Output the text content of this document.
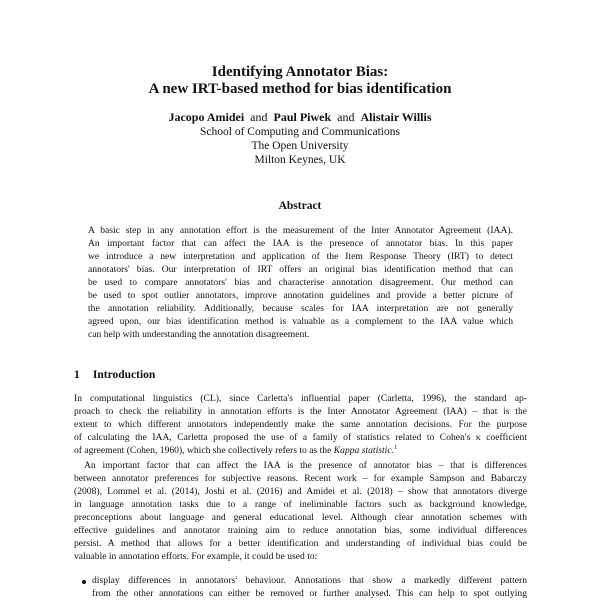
Identifying Annotator Bias:
A new IRT-based method for bias identification
Jacopo Amidei and Paul Piwek and Alistair Willis
School of Computing and Communications
The Open University
Milton Keynes, UK
Abstract
A basic step in any annotation effort is the measurement of the Inter Annotator Agreement (IAA).
An important factor that can affect the IAA is the presence of annotator bias. In this paper
we introduce a new interpretation and application of the Item Response Theory (IRT) to detect
annotators' bias. Our interpretation of IRT offers an original bias identification method that can
be used to compare annotators' bias and characterise annotation disagreement. Our method can
be used to spot outlier annotators, improve annotation guidelines and provide a better picture of
the annotation reliability. Additionally, because scales for IAA interpretation are not generally
agreed upon, our bias identification method is valuable as a complement to the IAA value which
can help with understanding the annotation disagreement.
1 Introduction
In computational linguistics (CL), since Carletta's influential paper (Carletta, 1996), the standard ap-
proach to check the reliability in annotation efforts is the Inter Annotator Agreement (IAA) – that is the
extent to which different annotators independently make the same annotation decisions. For the purpose
of calculating the IAA, Carletta proposed the use of a family of statistics related to Cohen's κ coefficient
of agreement (Cohen, 1960), which she collectively refers to as the Kappa statistic.$^1$
An important factor that can affect the IAA is the presence of annotator bias – that is differences
between annotator preferences for subjective reasons. Recent work – for example Sampson and Babarczy
(2008), Lommel et al. (2014), Joshi et al. (2016) and Amidei et al. (2018) – show that annotators diverge
in language annotation tasks due to a range of ineliminable factors such as background knowledge,
preconceptions about language and general educational level. Although clear annotation schemes with
effective guidelines and annotator training aim to reduce annotation bias, some individual differences
persist. A method that allows for a better identification and understanding of individual bias could be
valuable in annotation efforts. For example, it could be used to:
display differences in annotators' behaviour. Annotations that show a markedly different pattern
from the other annotations can either be removed or further analysed. This can help to spot outlying
